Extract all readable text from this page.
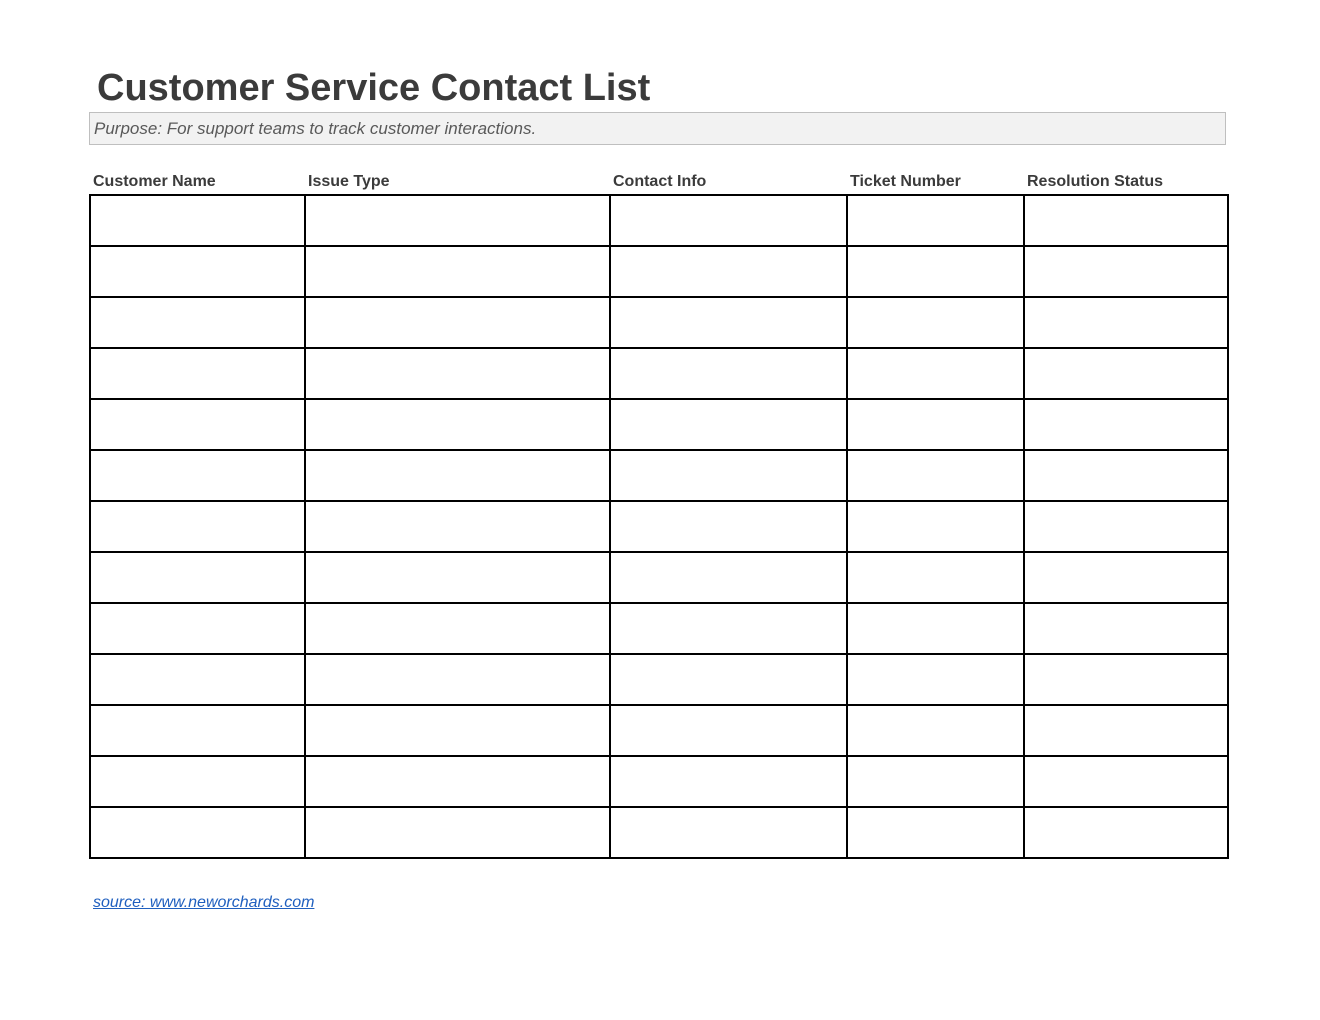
Customer Service Contact List
Purpose: For support teams to track customer interactions.
Customer Name	Issue Type	Contact Info	Ticket Number	Resolution Status

source: www.neworchards.com
